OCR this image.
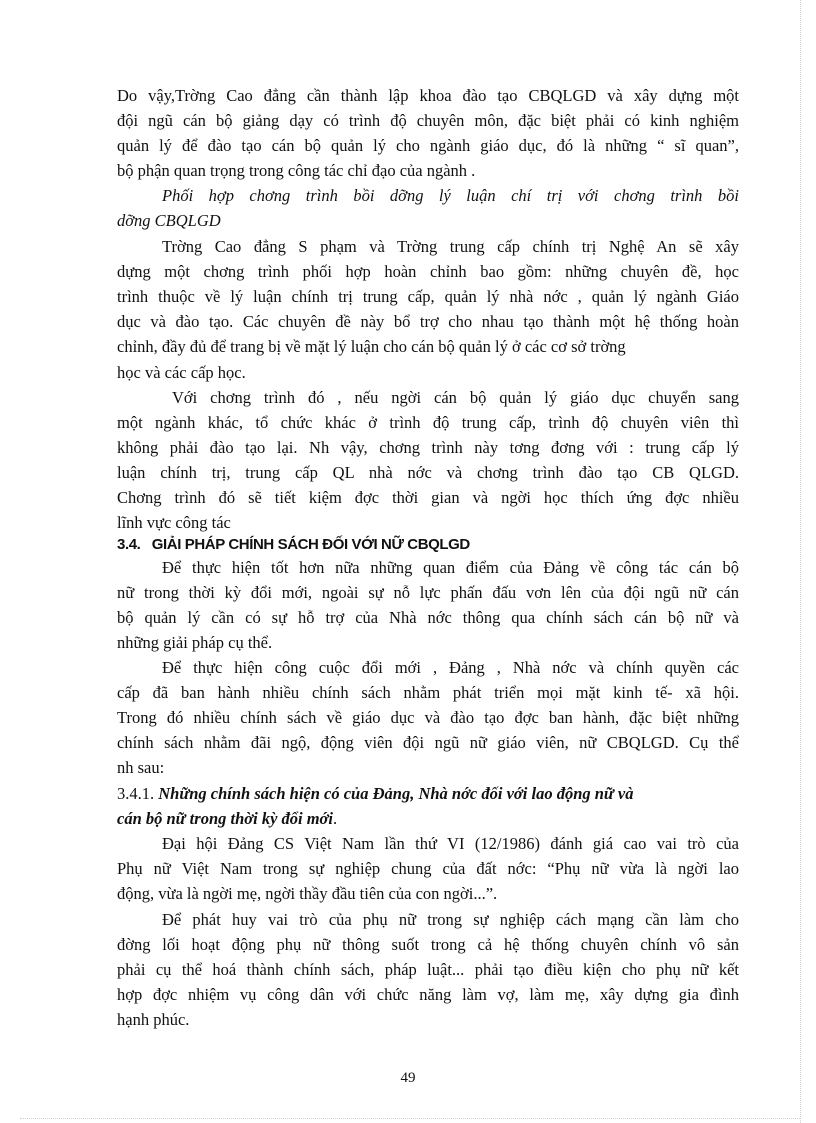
Do vậy,Trờng Cao đẳng cần thành lập khoa đào tạo CBQLGD và xây dựng một
đội ngũ cán bộ giảng dạy có trình độ chuyên môn, đặc biệt phải có kinh nghiệm
quản lý để đào tạo cán bộ quản lý cho ngành giáo dục, đó là những “ sĩ quan”,
bộ phận quan trọng trong công tác chỉ đạo của ngành .
Phối hợp chơng trình bồi dỡng lý luận chí trị với chơng trình bồi
dỡng CBQLGD
Trờng Cao đẳng S phạm và Trờng trung cấp chính trị Nghệ An sẽ xây
dựng một chơng trình phối hợp hoàn chỉnh bao gồm: những chuyên đề, học
trình thuộc về lý luận chính trị trung cấp, quản lý nhà nớc , quản lý ngành Giáo
dục và đào tạo. Các chuyên đề này bổ trợ cho nhau tạo thành một hệ thống hoàn
chỉnh, đầy đủ để trang bị về mặt lý luận cho cán bộ quản lý ở các cơ sở trờng
học và các cấp học.
Với chơng trình đó , nếu ngời cán bộ quản lý giáo dục chuyển sang
một ngành khác, tổ chức khác ở trình độ trung cấp, trình độ chuyên viên thì
không phải đào tạo lại. Nh vậy, chơng trình này tơng đơng với : trung cấp lý
luận chính trị, trung cấp QL nhà nớc và chơng trình đào tạo CB QLGD.
Chơng trình đó sẽ tiết kiệm đợc thời gian và ngời học thích ứng đợc nhiều
lĩnh vực công tác
3.4. GIẢI PHÁP CHÍNH SÁCH ĐỐI VỚI NỮ CBQLGD
Để thực hiện tốt hơn nữa những quan điểm của Đảng về công tác cán bộ
nữ trong thời kỳ đổi mới, ngoài sự nỗ lực phấn đấu vơn lên của đội ngũ nữ cán
bộ quản lý cần có sự hỗ trợ của Nhà nớc thông qua chính sách cán bộ nữ và
những giải pháp cụ thể.
Để thực hiện công cuộc đổi mới , Đảng , Nhà nớc và chính quyền các
cấp đã ban hành nhiều chính sách nhằm phát triển mọi mặt kinh tế- xã hội.
Trong đó nhiều chính sách về giáo dục và đào tạo đợc ban hành, đặc biệt những
chính sách nhằm đãi ngộ, động viên đội ngũ nữ giáo viên, nữ CBQLGD. Cụ thể
nh sau:
3.4.1. Những chính sách hiện có của Đảng, Nhà nớc đối với lao động nữ và
cán bộ nữ trong thời kỳ đổi mới.
Đại hội Đảng CS Việt Nam lần thứ VI (12/1986) đánh giá cao vai trò của
Phụ nữ Việt Nam trong sự nghiệp chung của đất nớc: “Phụ nữ vừa là ngời lao
động, vừa là ngời mẹ, ngời thầy đầu tiên của con ngời...”.
Để phát huy vai trò của phụ nữ trong sự nghiệp cách mạng cần làm cho
đờng lối hoạt động phụ nữ thông suốt trong cả hệ thống chuyên chính vô sản
phải cụ thể hoá thành chính sách, pháp luật... phải tạo điều kiện cho phụ nữ kết
hợp đợc nhiệm vụ công dân với chức năng làm vợ, làm mẹ, xây dựng gia đình
hạnh phúc.
49
